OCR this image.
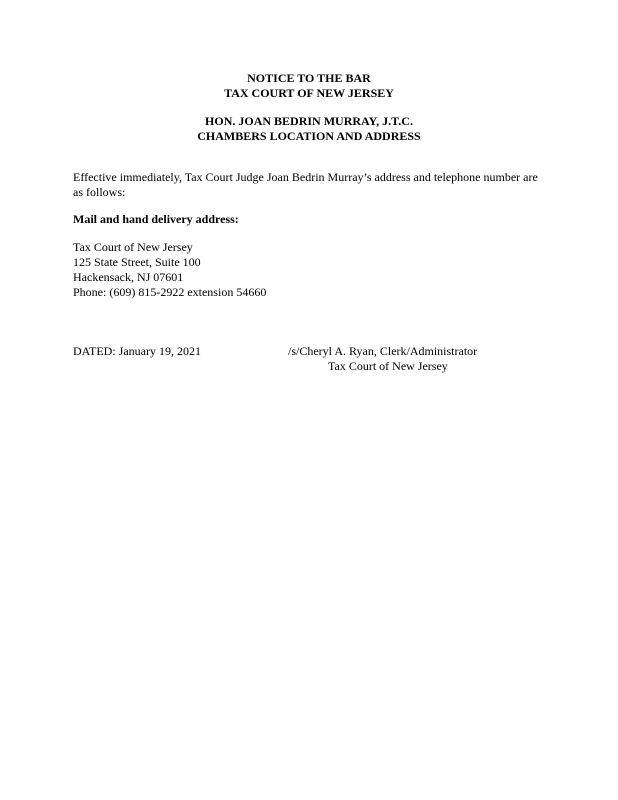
NOTICE TO THE BAR
TAX COURT OF NEW JERSEY
HON. JOAN BEDRIN MURRAY, J.T.C.
CHAMBERS LOCATION AND ADDRESS
Effective immediately, Tax Court Judge Joan Bedrin Murray’s address and telephone number are
as follows:
Mail and hand delivery address:
Tax Court of New Jersey
125 State Street, Suite 100
Hackensack, NJ 07601
Phone: (609) 815-2922 extension 54660
DATED: January 19, 2021	/s/Cheryl A. Ryan, Clerk/Administrator
Tax Court of New Jersey
